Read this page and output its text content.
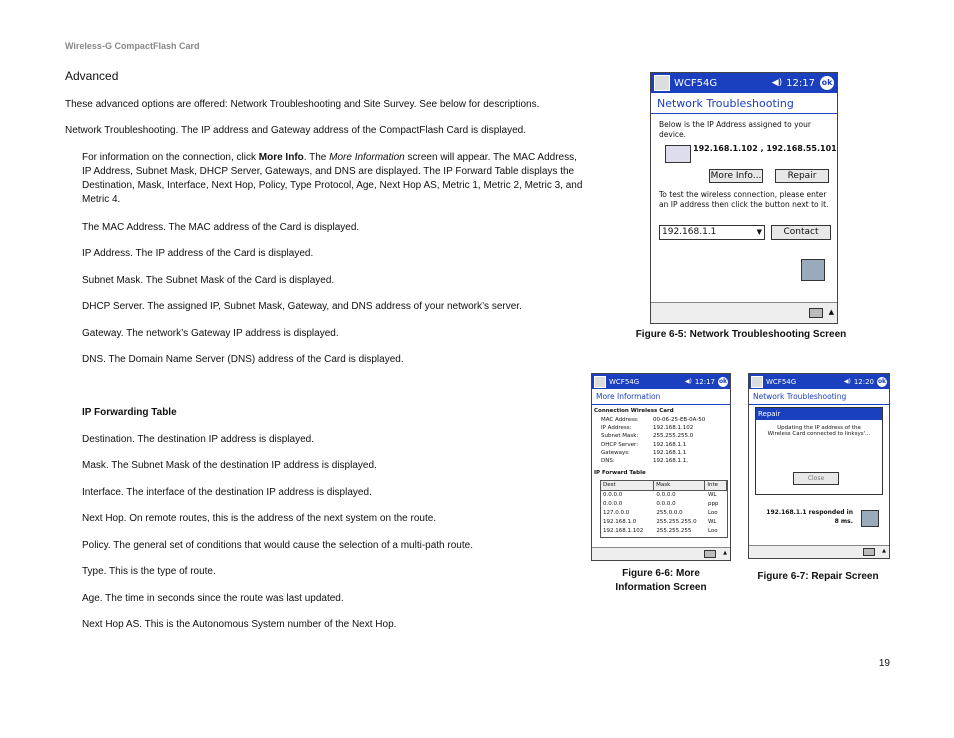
Wireless-G CompactFlash Card
Advanced
These advanced options are offered: Network Troubleshooting and Site Survey. See below for descriptions.
Network Troubleshooting. The IP address and Gateway address of the CompactFlash Card is displayed.
For information on the connection, click More Info. The More Information screen will appear. The MAC Address, IP Address, Subnet Mask, DHCP Server, Gateways, and DNS are displayed. The IP Forward Table displays the Destination, Mask, Interface, Next Hop, Policy, Type Protocol, Age, Next Hop AS, Metric 1, Metric 2, Metric 3, and Metric 4.
The MAC Address. The MAC address of the Card is displayed.
IP Address. The IP address of the Card is displayed.
Subnet Mask. The Subnet Mask of the Card is displayed.
DHCP Server. The assigned IP, Subnet Mask, Gateway, and DNS address of your network’s server.
Gateway. The network’s Gateway IP address is displayed.
DNS. The Domain Name Server (DNS) address of the Card is displayed.
IP Forwarding Table
Destination. The destination IP address is displayed.
Mask. The Subnet Mask of the destination IP address is displayed.
Interface. The interface of the destination IP address is displayed.
Next Hop. On remote routes, this is the address of the next system on the route.
Policy. The general set of conditions that would cause the selection of a multi-path route.
Type. This is the type of route.
Age. The time in seconds since the route was last updated.
Next Hop AS. This is the Autonomous System number of the Next Hop.
19
WCF54G	◀) 12:17 ok
Network Troubleshooting
Below is the IP Address assigned to your device.
192.168.1.102 , 192.168.55.101
More Info...	Repair
To test the wireless connection, please enter an IP address then click the button next to it.
192.168.1.1	▼	Contact
▲
Figure 6-5: Network Troubleshooting Screen
WCF54G	◀) 12:17 ok
More Information
Connection Wireless Card
MAC Address:	00-06-25-EB-0A-50
IP Address:	192.168.1.102
Subnet Mask:	255.255.255.0
DHCP Server:	192.168.1.1
Gateways:	192.168.1.1
DNS:	192.168.1.1,
IP Forward Table
Dest	Mask	Inte
0.0.0.0	0.0.0.0	WL
0.0.0.0	0.0.0.0	ppp
127.0.0.0	255.0.0.0	Loo
192.168.1.0	255.255.255.0	WL
192.168.1.102	255.255.255	Loo
▲
Figure 6-6: More
Information Screen
WCF54G	◀) 12:20 ok
Network Troubleshooting
Repair
Updating the IP address of the
Wireless Card connected to linksys'...
Close
192.168.1.1 responded in
8 ms.
▲
Figure 6-7: Repair Screen
